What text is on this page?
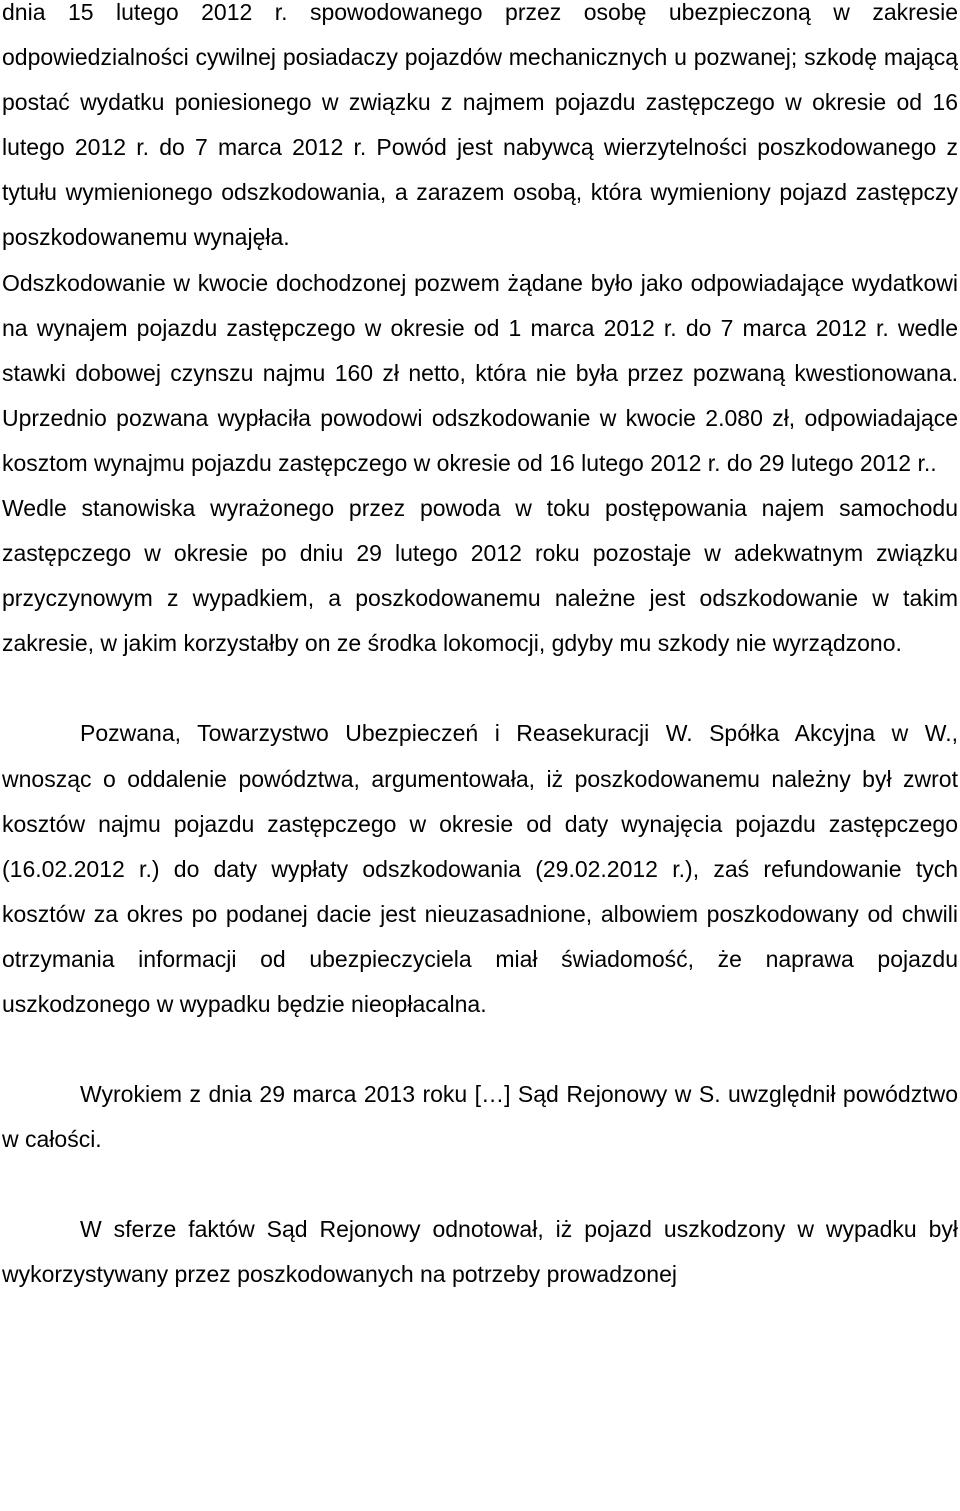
dnia 15 lutego 2012 r. spowodowanego przez osobę ubezpieczoną w zakresie odpowiedzialności cywilnej posiadaczy pojazdów mechanicznych u pozwanej; szkodę mającą postać wydatku poniesionego w związku z najmem pojazdu zastępczego w okresie od 16 lutego 2012 r. do 7 marca 2012 r. Powód jest nabywcą wierzytelności poszkodowanego z tytułu wymienionego odszkodowania, a zarazem osobą, która wymieniony pojazd zastępczy poszkodowanemu wynajęła.

Odszkodowanie w kwocie dochodzonej pozwem żądane było jako odpowiadające wydatkowi na wynajem pojazdu zastępczego w okresie od 1 marca 2012 r. do 7 marca 2012 r. wedle stawki dobowej czynszu najmu 160 zł netto, która nie była przez pozwaną kwestionowana. Uprzednio pozwana wypłaciła powodowi odszkodowanie w kwocie 2.080 zł, odpowiadające kosztom wynajmu pojazdu zastępczego w okresie od 16 lutego 2012 r. do 29 lutego 2012 r..

Wedle stanowiska wyrażonego przez powoda w toku postępowania najem samochodu zastępczego w okresie po dniu 29 lutego 2012 roku pozostaje w adekwatnym związku przyczynowym z wypadkiem, a poszkodowanemu należne jest odszkodowanie w takim zakresie, w jakim korzystałby on ze środka lokomocji, gdyby mu szkody nie wyrządzono.

Pozwana, Towarzystwo Ubezpieczeń i Reasekuracji W. Spółka Akcyjna w W., wnosząc o oddalenie powództwa, argumentowała, iż poszkodowanemu należny był zwrot kosztów najmu pojazdu zastępczego w okresie od daty wynajęcia pojazdu zastępczego (16.02.2012 r.) do daty wypłaty odszkodowania (29.02.2012 r.), zaś refundowanie tych kosztów za okres po podanej dacie jest nieuzasadnione, albowiem poszkodowany od chwili otrzymania informacji od ubezpieczyciela miał świadomość, że naprawa pojazdu uszkodzonego w wypadku będzie nieopłacalna.

Wyrokiem z dnia 29 marca 2013 roku […] Sąd Rejonowy w S. uwzględnił powództwo w całości.

W sferze faktów Sąd Rejonowy odnotował, iż pojazd uszkodzony w wypadku był wykorzystywany przez poszkodowanych na potrzeby prowadzonej
